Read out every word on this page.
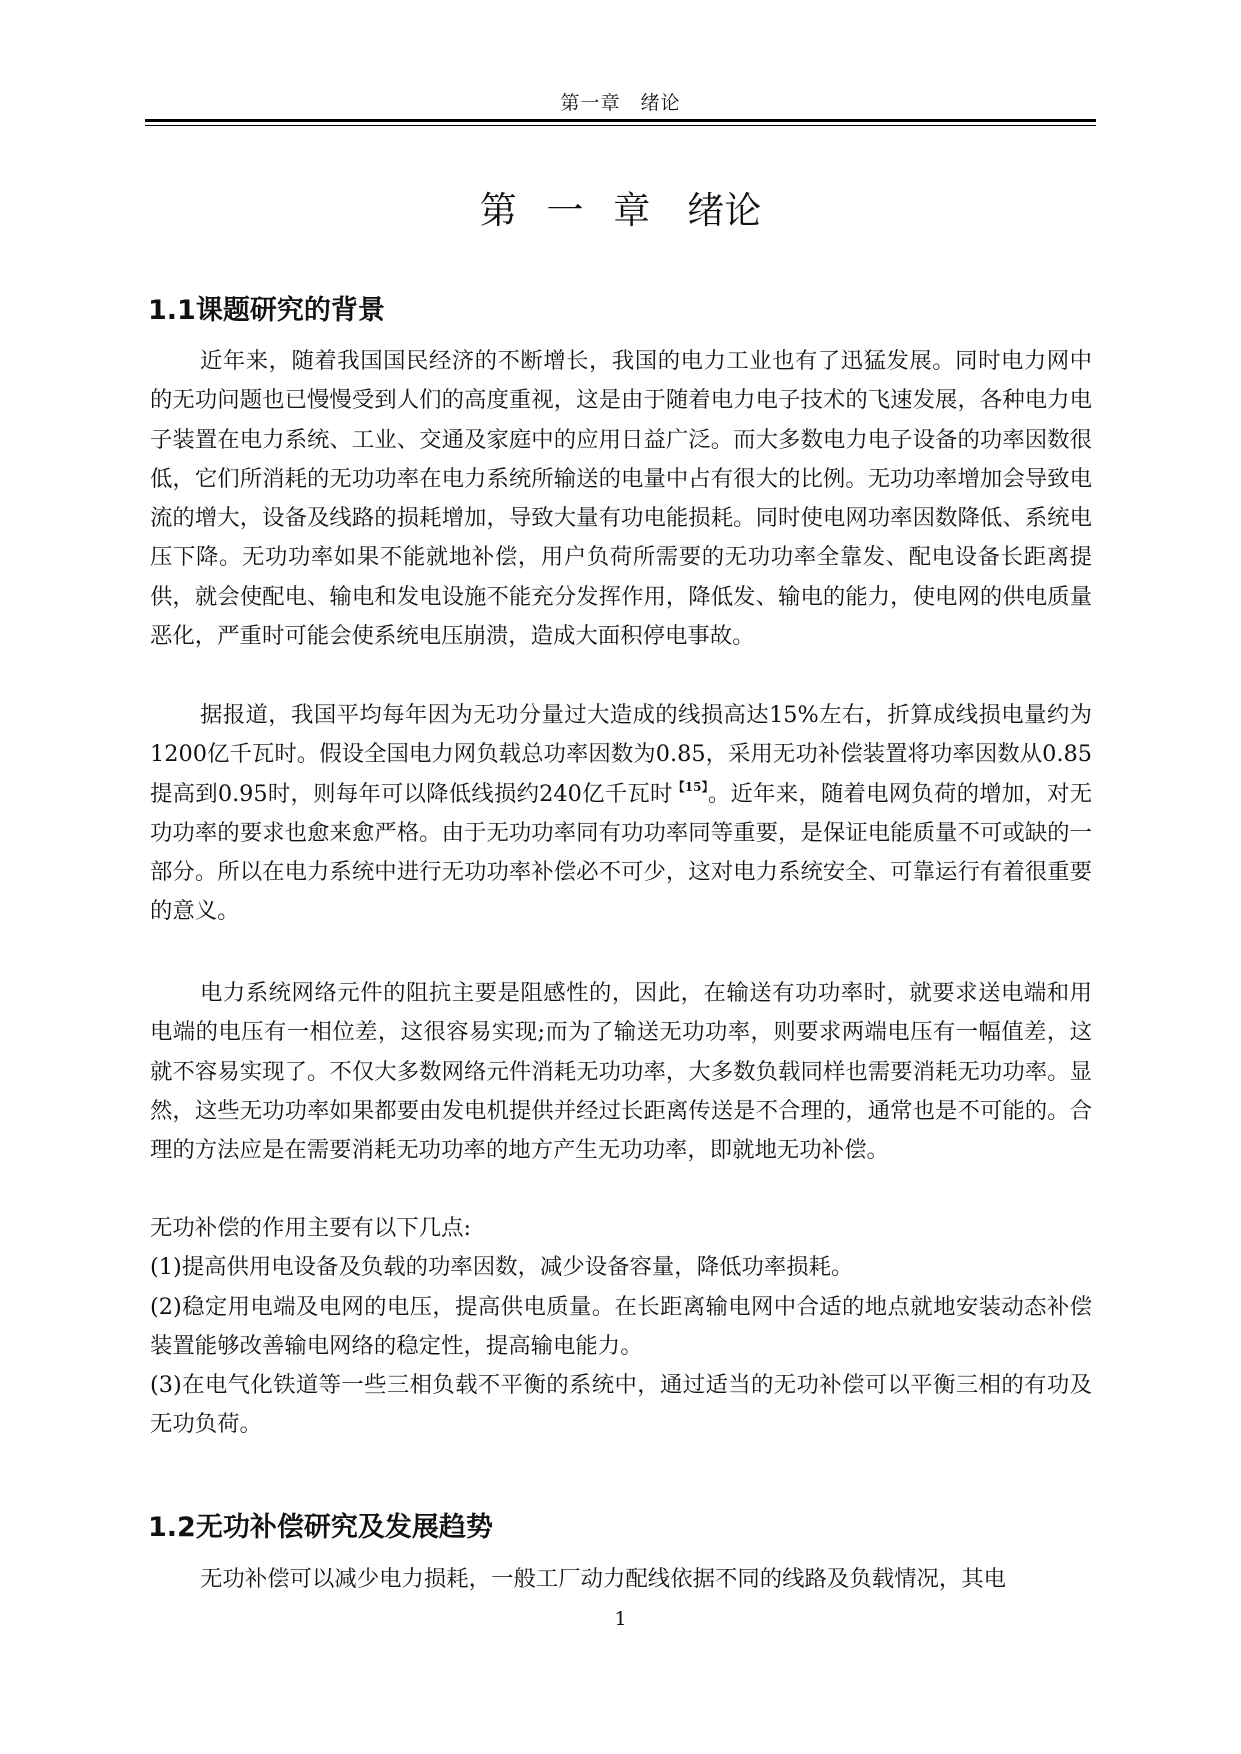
第一章　绪论
第 一 章　绪论
1.1课题研究的背景

近年来，随着我国国民经济的不断增长，我国的电力工业也有了迅猛发展。同时电力网中的无功问题也已慢慢受到人们的高度重视，这是由于随着电力电子技术的飞速发展，各种电力电子装置在电力系统、工业、交通及家庭中的应用日益广泛。而大多数电力电子设备的功率因数很低，它们所消耗的无功功率在电力系统所输送的电量中占有很大的比例。无功功率增加会导致电流的增大，设备及线路的损耗增加，导致大量有功电能损耗。同时使电网功率因数降低、系统电压下降。无功功率如果不能就地补偿，用户负荷所需要的无功功率全靠发、配电设备长距离提供，就会使配电、输电和发电设施不能充分发挥作用，降低发、输电的能力，使电网的供电质量恶化，严重时可能会使系统电压崩溃，造成大面积停电事故。

据报道，我国平均每年因为无功分量过大造成的线损高达15%左右，折算成线损电量约为1200亿千瓦时。假设全国电力网负载总功率因数为0.85，采用无功补偿装置将功率因数从0.85提高到0.95时，则每年可以降低线损约240亿千瓦时$^{【15】}$。近年来，随着电网负荷的增加，对无功功率的要求也愈来愈严格。由于无功功率同有功功率同等重要，是保证电能质量不可或缺的一部分。所以在电力系统中进行无功功率补偿必不可少，这对电力系统安全、可靠运行有着很重要的意义。

电力系统网络元件的阻抗主要是阻感性的，因此，在输送有功功率时，就要求送电端和用电端的电压有一相位差，这很容易实现;而为了输送无功功率，则要求两端电压有一幅值差，这就不容易实现了。不仅大多数网络元件消耗无功功率，大多数负载同样也需要消耗无功功率。显然，这些无功功率如果都要由发电机提供并经过长距离传送是不合理的，通常也是不可能的。合理的方法应是在需要消耗无功功率的地方产生无功功率，即就地无功补偿。

无功补偿的作用主要有以下几点:

(1)提高供用电设备及负载的功率因数，减少设备容量，降低功率损耗。

(2)稳定用电端及电网的电压，提高供电质量。在长距离输电网中合适的地点就地安装动态补偿装置能够改善输电网络的稳定性，提高输电能力。

(3)在电气化铁道等一些三相负载不平衡的系统中，通过适当的无功补偿可以平衡三相的有功及无功负荷。

1.2无功补偿研究及发展趋势

无功补偿可以减少电力损耗，一般工厂动力配线依据不同的线路及负载情况，其电

1
